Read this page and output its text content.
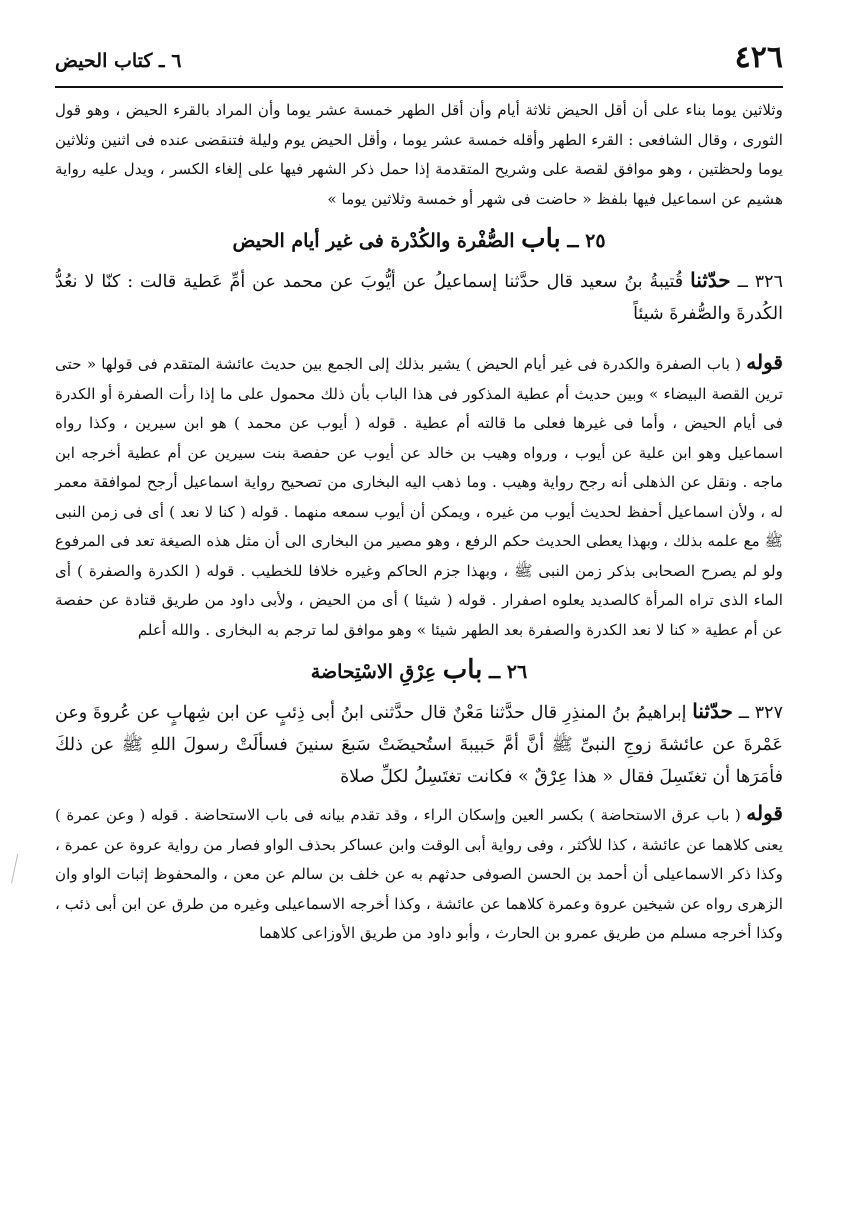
٤٢٦
٦ ـ كتاب الحيض

وثلاثين يوما بناء على أن أقل الحيض ثلاثة أيام وأن أقل الطهر خمسة عشر يوما وأن المراد بالقرء الحيض ، وهو قول الثورى ، وقال الشافعى : القرء الطهر وأقله خمسة عشر يوما ، وأقل الحيض يوم وليلة فتنقضى عنده فى اثنين وثلاثين يوما ولحظتين ، وهو موافق لقصة على وشريح المتقدمة إذا حمل ذكر الشهر فيها على إلغاء الكسر ، ويدل عليه رواية هشيم عن اسماعيل فيها بلفظ « حاضت فى شهر أو خمسة وثلاثين يوما »

٢٥ ــ باب الصُّفْرة والكُدْرة فى غير أيام الحيض

٣٢٦ ــ حدّثنا قُتيبةُ بنُ سعيد قال حدَّثنا إسماعيلُ عن أيُّوبَ عن محمد عن أمِّ عَطية قالت : كنّا لا نعُدُّ الكُدرةَ والصُّفرةَ شيئاً

قوله ( باب الصفرة والكدرة فى غير أيام الحيض ) يشير بذلك إلى الجمع بين حديث عائشة المتقدم فى قولها « حتى ترين القصة البيضاء » وبين حديث أم عطية المذكور فى هذا الباب بأن ذلك محمول على ما إذا رأت الصفرة أو الكدرة فى أيام الحيض ، وأما فى غيرها فعلى ما قالته أم عطية . قوله ( أيوب عن محمد ) هو ابن سيرين ، وكذا رواه اسماعيل وهو ابن علية عن أيوب ، ورواه وهيب بن خالد عن أيوب عن حفصة بنت سيرين عن أم عطية أخرجه ابن ماجه . ونقل عن الذهلى أنه رجح رواية وهيب . وما ذهب اليه البخارى من تصحيح رواية اسماعيل أرجح لموافقة معمر له ، ولأن اسماعيل أحفظ لحديث أيوب من غيره ، ويمكن أن أيوب سمعه منهما . قوله ( كنا لا نعد ) أى فى زمن النبى ﷺ مع علمه بذلك ، وبهذا يعطى الحديث حكم الرفع ، وهو مصير من البخارى الى أن مثل هذه الصيغة تعد فى المرفوع ولو لم يصرح الصحابى بذكر زمن النبى ﷺ ، وبهذا جزم الحاكم وغيره خلافا للخطيب . قوله ( الكدرة والصفرة ) أى الماء الذى تراه المرأة كالصديد يعلوه اصفرار . قوله ( شيئا ) أى من الحيض ، ولأبى داود من طريق قتادة عن حفصة عن أم عطية « كنا لا نعد الكدرة والصفرة بعد الطهر شيئا » وهو موافق لما ترجم به البخارى . والله أعلم

٢٦ ــ باب عِرْقِ الاسْتِحاضة

٣٢٧ ــ حدّثنا إبراهيمُ بنُ المنذِرِ قال حدَّثنا مَعْنٌ قال حدَّثنى ابنُ أبى ذِئبٍ عن ابن شِهابٍ عن عُروةَ وعن عَمْرةَ عن عائشةَ زوجِ النبىِّ ﷺ أنَّ أمَّ حَبيبةَ استُحيضَتْ سَبعَ سنينَ فسألَتْ رسولَ اللهِ ﷺ عن ذلكَ فأمَرَها أن تغتَسِلَ فقال « هذا عِرْقٌ » فكانت تغتَسِلُ لكلِّ صلاة

قوله ( باب عرق الاستحاضة ) بكسر العين وإسكان الراء ، وقد تقدم بيانه فى باب الاستحاضة . قوله ( وعن عمرة ) يعنى كلاهما عن عائشة ، كذا للأكثر ، وفى رواية أبى الوقت وابن عساكر بحذف الواو فصار من رواية عروة عن عمرة ، وكذا ذكر الاسماعيلى أن أحمد بن الحسن الصوفى حدثهم به عن خلف بن سالم عن معن ، والمحفوظ إثبات الواو وان الزهرى رواه عن شيخين عروة وعمرة كلاهما عن عائشة ، وكذا أخرجه الاسماعيلى وغيره من طرق عن ابن أبى ذئب ، وكذا أخرجه مسلم من طريق عمرو بن الحارث ، وأبو داود من طريق الأوزاعى كلاهما
